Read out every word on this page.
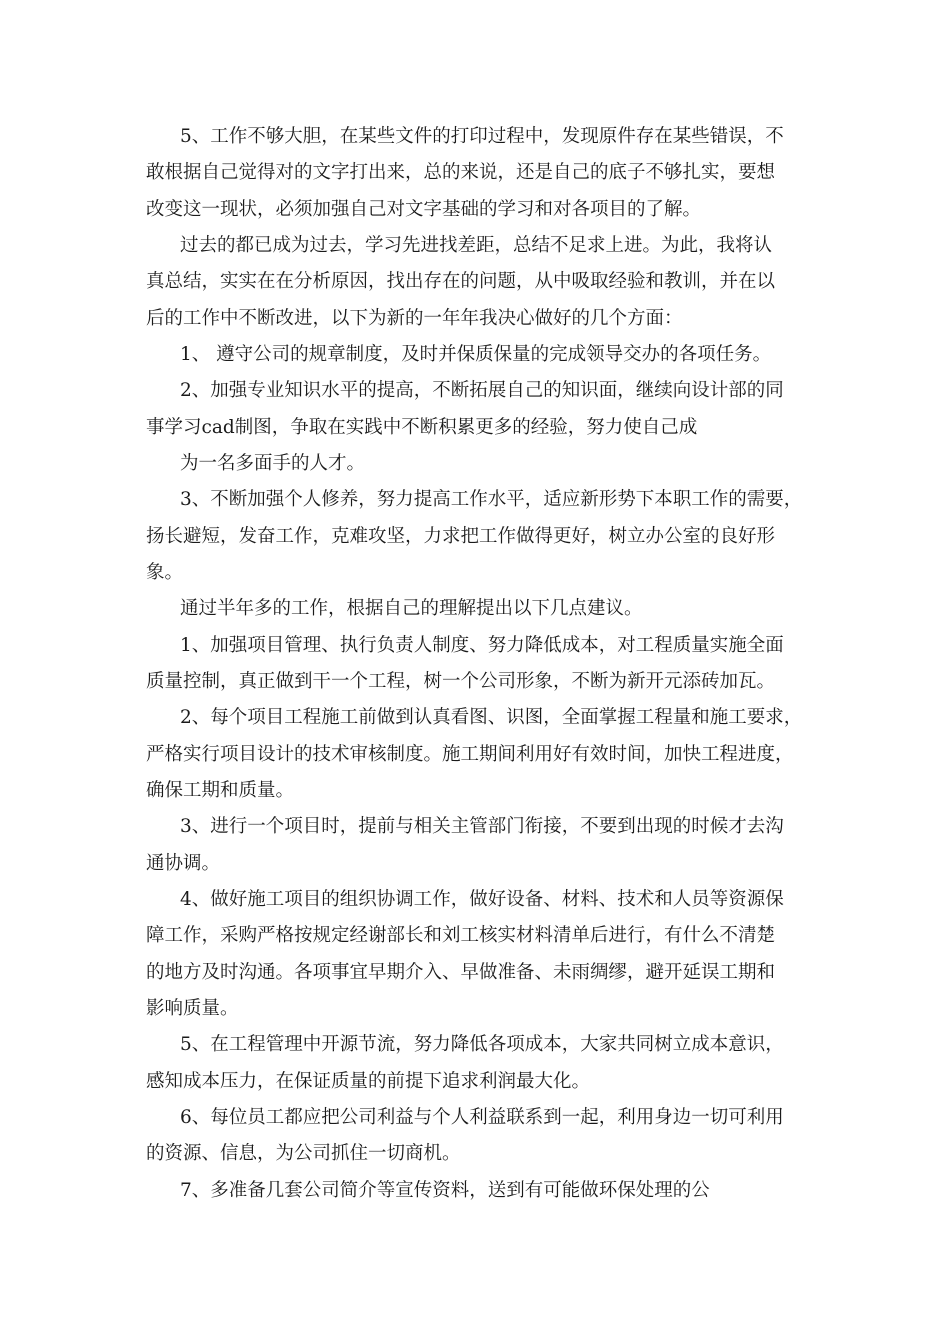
5、工作不够大胆，在某些文件的打印过程中，发现原件存在某些错误，不
敢根据自己觉得对的文字打出来，总的来说，还是自己的底子不够扎实，要想
改变这一现状，必须加强自己对文字基础的学习和对各项目的了解。
过去的都已成为过去，学习先进找差距，总结不足求上进。为此，我将认
真总结，实实在在分析原因，找出存在的问题，从中吸取经验和教训，并在以
后的工作中不断改进，以下为新的一年年我决心做好的几个方面：
1、 遵守公司的规章制度，及时并保质保量的完成领导交办的各项任务。
2、加强专业知识水平的提高，不断拓展自己的知识面，继续向设计部的同
事学习cad制图，争取在实践中不断积累更多的经验，努力使自己成
为一名多面手的人才。
3、不断加强个人修养，努力提高工作水平，适应新形势下本职工作的需要，
扬长避短，发奋工作，克难攻坚，力求把工作做得更好，树立办公室的良好形
象。
通过半年多的工作，根据自己的理解提出以下几点建议。
1、加强项目管理、执行负责人制度、努力降低成本，对工程质量实施全面
质量控制，真正做到干一个工程，树一个公司形象，不断为新开元添砖加瓦。
2、每个项目工程施工前做到认真看图、识图，全面掌握工程量和施工要求，
严格实行项目设计的技术审核制度。施工期间利用好有效时间，加快工程进度，
确保工期和质量。
3、进行一个项目时，提前与相关主管部门衔接，不要到出现的时候才去沟
通协调。
4、做好施工项目的组织协调工作，做好设备、材料、技术和人员等资源保
障工作，采购严格按规定经谢部长和刘工核实材料清单后进行，有什么不清楚
的地方及时沟通。各项事宜早期介入、早做准备、未雨绸缪，避开延误工期和
影响质量。
5、在工程管理中开源节流，努力降低各项成本，大家共同树立成本意识，
感知成本压力，在保证质量的前提下追求利润最大化。
6、每位员工都应把公司利益与个人利益联系到一起，利用身边一切可利用
的资源、信息，为公司抓住一切商机。
7、多准备几套公司简介等宣传资料，送到有可能做环保处理的公
